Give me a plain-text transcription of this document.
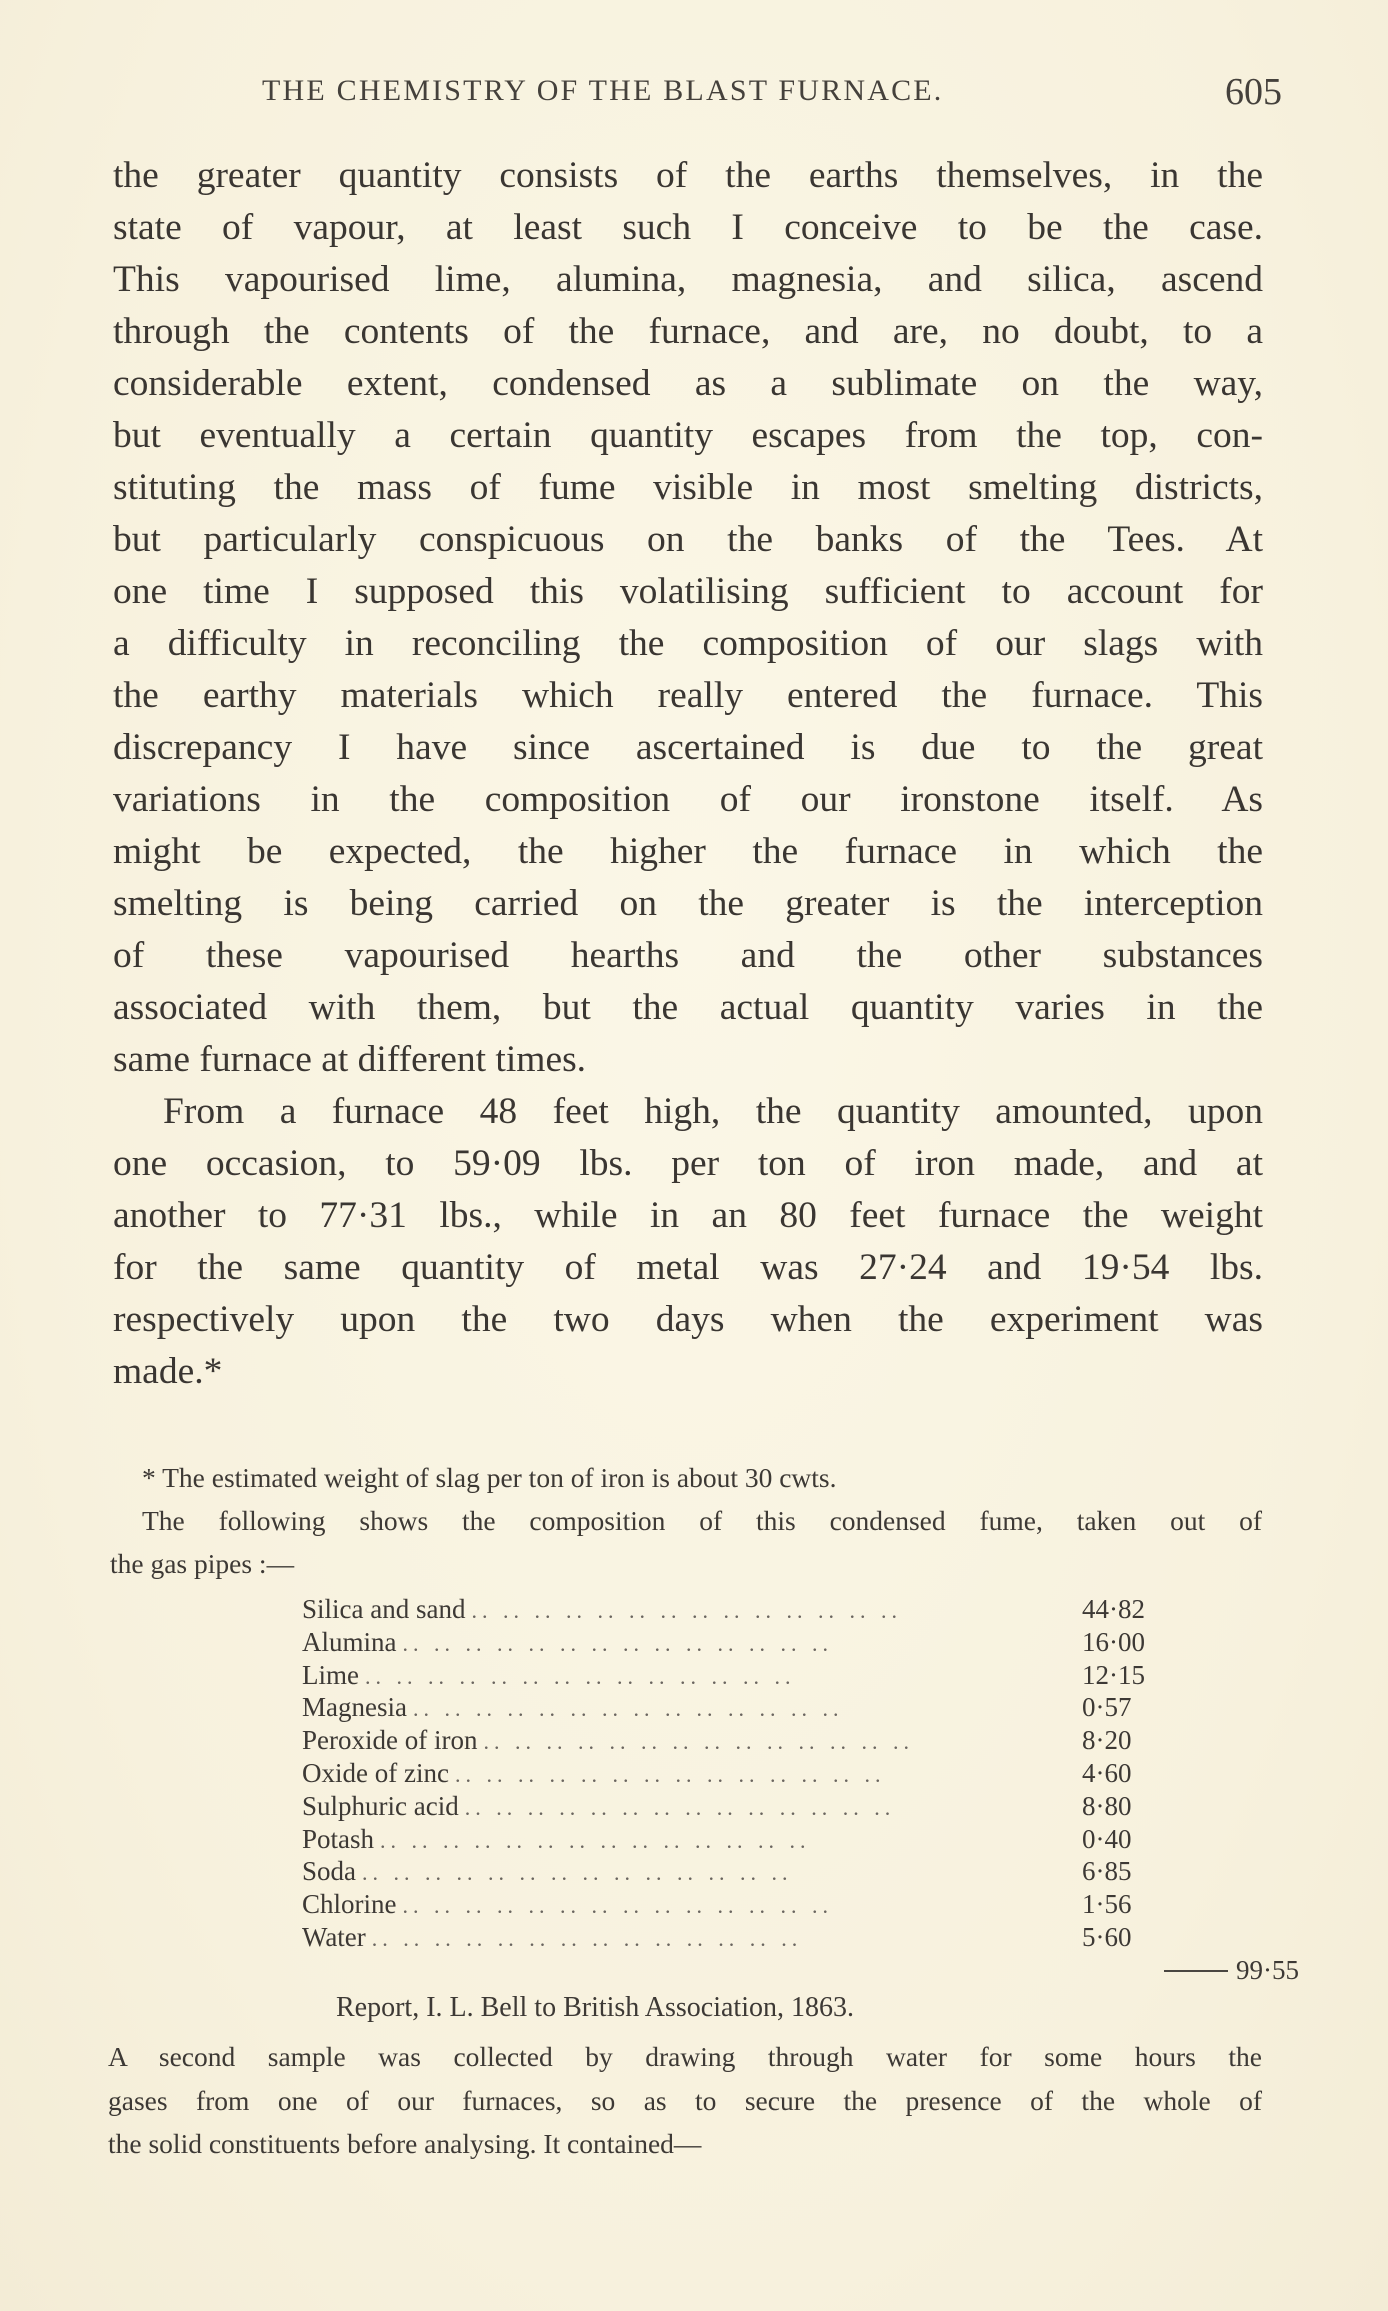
THE CHEMISTRY OF THE BLAST FURNACE.	605

the greater quantity consists of the earths themselves, in the
state of vapour, at least such I conceive to be the case.
This vapourised lime, alumina, magnesia, and silica, ascend
through the contents of the furnace, and are, no doubt, to a
considerable extent, condensed as a sublimate on the way,
but eventually a certain quantity escapes from the top, con-
stituting the mass of fume visible in most smelting districts,
but particularly conspicuous on the banks of the Tees. At
one time I supposed this volatilising sufficient to account for
a difficulty in reconciling the composition of our slags with
the earthy materials which really entered the furnace. This
discrepancy I have since ascertained is due to the great
variations in the composition of our ironstone itself. As
might be expected, the higher the furnace in which the
smelting is being carried on the greater is the interception
of these vapourised hearths and the other substances
associated with them, but the actual quantity varies in the
same furnace at different times.

From a furnace 48 feet high, the quantity amounted, upon
one occasion, to 59·09 lbs. per ton of iron made, and at
another to 77·31 lbs., while in an 80 feet furnace the weight
for the same quantity of metal was 27·24 and 19·54 lbs.
respectively upon the two days when the experiment was
made.*

* The estimated weight of slag per ton of iron is about 30 cwts.
The following shows the composition of this condensed fume, taken out of
the gas pipes :—
Silica and sand .. .. .. .. .. .. .. .. .. .. .. .. .. ..	44·82
Alumina .. .. .. .. .. .. .. .. .. .. .. .. .. ..	16·00
Lime .. .. .. .. .. .. .. .. .. .. .. .. .. ..	12·15
Magnesia .. .. .. .. .. .. .. .. .. .. .. .. .. ..	0·57
Peroxide of iron .. .. .. .. .. .. .. .. .. .. .. .. .. ..	8·20
Oxide of zinc .. .. .. .. .. .. .. .. .. .. .. .. .. ..	4·60
Sulphuric acid .. .. .. .. .. .. .. .. .. .. .. .. .. ..	8·80
Potash .. .. .. .. .. .. .. .. .. .. .. .. .. ..	0·40
Soda .. .. .. .. .. .. .. .. .. .. .. .. .. ..	6·85
Chlorine .. .. .. .. .. .. .. .. .. .. .. .. .. ..	1·56
Water .. .. .. .. .. .. .. .. .. .. .. .. .. ..	5·60
99·55
Report, I. L. Bell to British Association, 1863.
A second sample was collected by drawing through water for some hours the
gases from one of our furnaces, so as to secure the presence of the whole of
the solid constituents before analysing. It contained—
